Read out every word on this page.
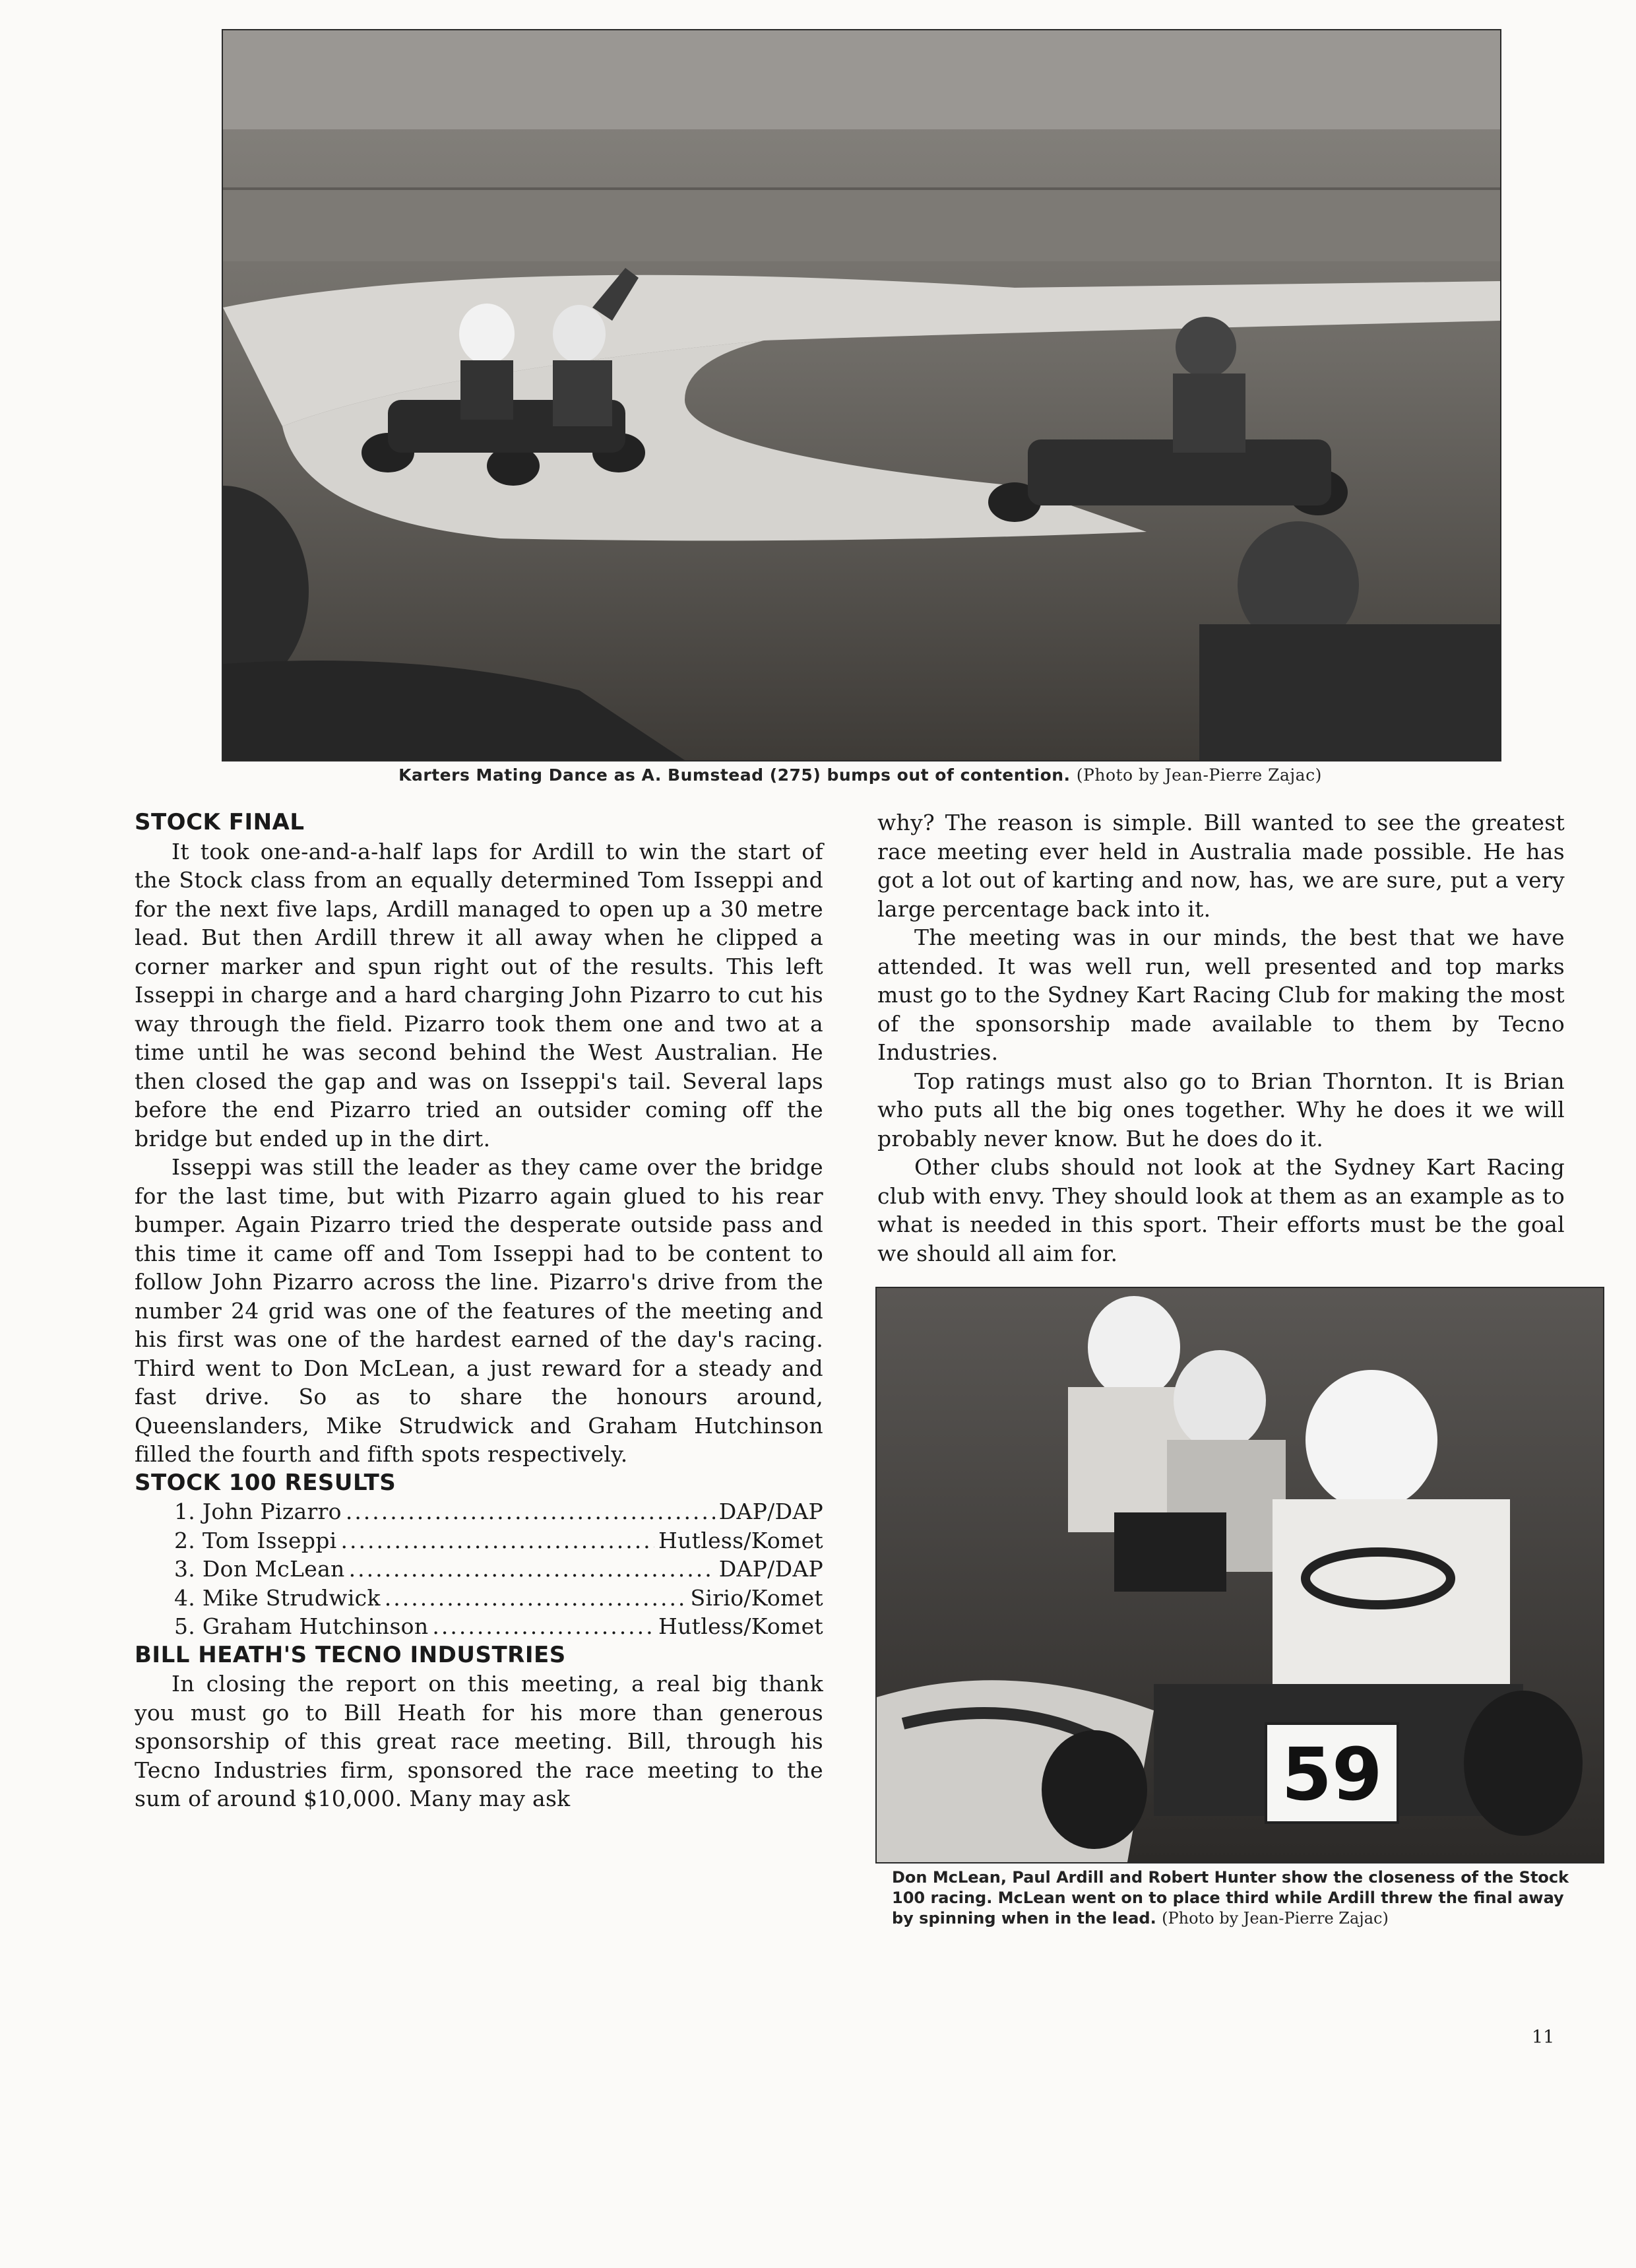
Karters Mating Dance as A. Bumstead (275) bumps out of contention. (Photo by Jean-Pierre Zajac)
STOCK FINAL

It took one-and-a-half laps for Ardill to win the start of the Stock class from an equally determined Tom Isseppi and for the next five laps, Ardill managed to open up a 30 metre lead. But then Ardill threw it all away when he clipped a corner marker and spun right out of the results. This left Isseppi in charge and a hard charging John Pizarro to cut his way through the field. Pizarro took them one and two at a time until he was second behind the West Australian. He then closed the gap and was on Isseppi's tail. Several laps before the end Pizarro tried an outsider coming off the bridge but ended up in the dirt.

Isseppi was still the leader as they came over the bridge for the last time, but with Pizarro again glued to his rear bumper. Again Pizarro tried the desperate outside pass and this time it came off and Tom Isseppi had to be content to follow John Pizarro across the line. Pizarro's drive from the number 24 grid was one of the features of the meeting and his first was one of the hardest earned of the day's racing. Third went to Don McLean, a just reward for a steady and fast drive. So as to share the honours around, Queenslanders, Mike Strudwick and Graham Hutchinson filled the fourth and fifth spots respectively.

STOCK 100 RESULTS
1. John Pizarro .....	DAP/DAP
2. Tom Isseppi .....	Hutless/Komet
3. Don McLean .....	DAP/DAP
4. Mike Strudwick .....	Sirio/Komet
5. Graham Hutchinson .....	Hutless/Komet
BILL HEATH'S TECNO INDUSTRIES

In closing the report on this meeting, a real big thank you must go to Bill Heath for his more than generous sponsorship of this great race meeting. Bill, through his Tecno Industries firm, sponsored the race meeting to the sum of around $10,000. Many may ask

why? The reason is simple. Bill wanted to see the greatest race meeting ever held in Australia made possible. He has got a lot out of karting and now, has, we are sure, put a very large percentage back into it.

The meeting was in our minds, the best that we have attended. It was well run, well presented and top marks must go to the Sydney Kart Racing Club for making the most of the sponsorship made available to them by Tecno Industries.

Top ratings must also go to Brian Thornton. It is Brian who puts all the big ones together. Why he does it we will probably never know. But he does do it.

Other clubs should not look at the Sydney Kart Racing club with envy. They should look at them as an example as to what is needed in this sport. Their efforts must be the goal we should all aim for.

59
Don McLean, Paul Ardill and Robert Hunter show the closeness of the Stock 100 racing. McLean went on to place third while Ardill threw the final away by spinning when in the lead. (Photo by Jean-Pierre Zajac)
11
